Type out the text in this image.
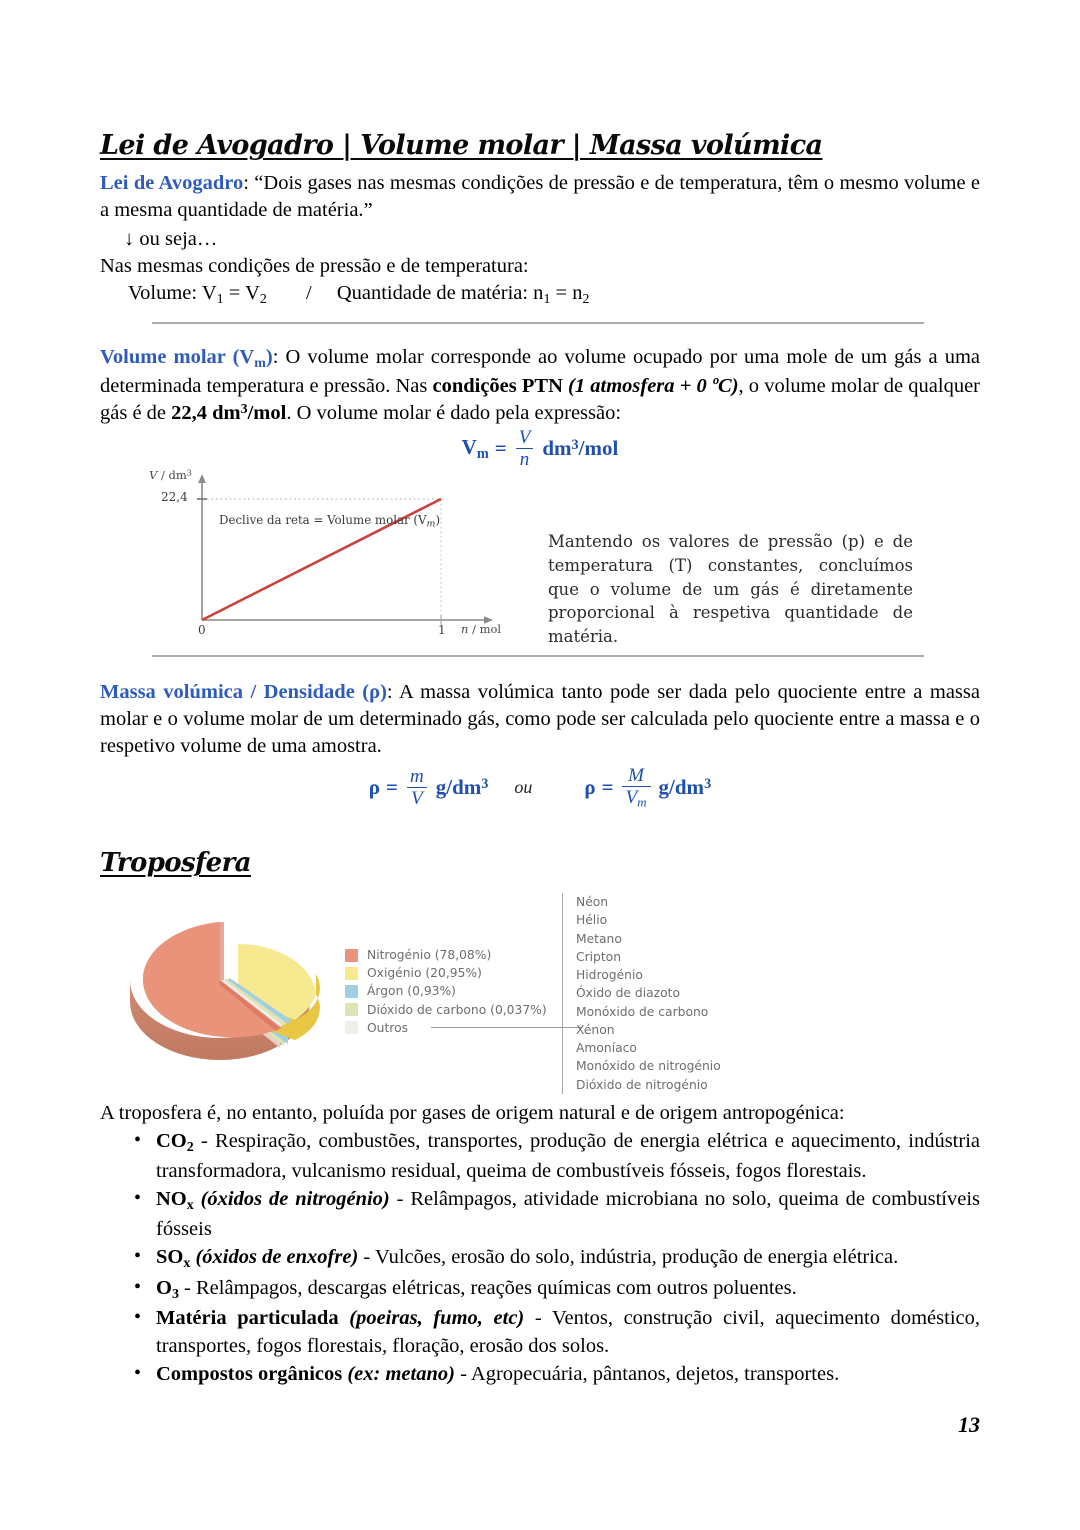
Lei de Avogadro | Volume molar | Massa volúmica

Lei de Avogadro: “Dois gases nas mesmas condições de pressão e de temperatura, têm o mesmo volume e a mesma quantidade de matéria.”

↓ ou seja…

Nas mesmas condições de pressão e de temperatura:

Volume: $V_1 = V_2$ / Quantidade de matéria: $n_1 = n_2$

Volume molar $(V_m)$: O volume molar corresponde ao volume ocupado por uma mole de um gás a uma determinada temperatura e pressão. Nas condições PTN (1 atmosfera + 0 ºC), o volume molar de qualquer gás é de 22,4 $dm^3$/mol. O volume molar é dado pela expressão:

$V_m = \frac{V}{n} dm^3/mol$
V / $dm^3$
22,4
0	1 n / mol
Declive da reta = Volume molar (Vm)
Mantendo os valores de pressão (p) e de temperatura (T) constantes, concluímos que o volume de um gás é diretamente proporcional à respetiva quantidade de matéria.

Massa volúmica / Densidade (ρ): A massa volúmica tanto pode ser dada pelo quociente entre a massa molar e o volume molar de um determinado gás, como pode ser calculada pelo quociente entre a massa e o respetivo volume de uma amostra.

$\rho = \frac{m}{V} g/dm^3$ ou $\rho = \frac{M}{V_m} g/dm^3$
Troposfera
Nitrogénio (78,08%)
Oxigénio (20,95%)
Árgon (0,93%)
Dióxido de carbono (0,037%)
Outros
Néon
Hélio
Metano
Cripton
Hidrogénio
Óxido de diazoto
Monóxido de carbono
Xénon
Amoníaco
Monóxido de nitrogénio
Dióxido de nitrogénio

A troposfera é, no entanto, poluída por gases de origem natural e de origem antropogénica:

• $CO_2$ - Respiração, combustões, transportes, produção de energia elétrica e aquecimento, indústria transformadora, vulcanismo residual, queima de combustíveis fósseis, fogos florestais.
• $NO_x$ (óxidos de nitrogénio) - Relâmpagos, atividade microbiana no solo, queima de combustíveis fósseis
• $SO_x$ (óxidos de enxofre) - Vulcões, erosão do solo, indústria, produção de energia elétrica.
• $O_3$ - Relâmpagos, descargas elétricas, reações químicas com outros poluentes.
• Matéria particulada (poeiras, fumo, etc) - Ventos, construção civil, aquecimento doméstico, transportes, fogos florestais, floração, erosão dos solos.
• Compostos orgânicos (ex: metano) - Agropecuária, pântanos, dejetos, transportes.
13
